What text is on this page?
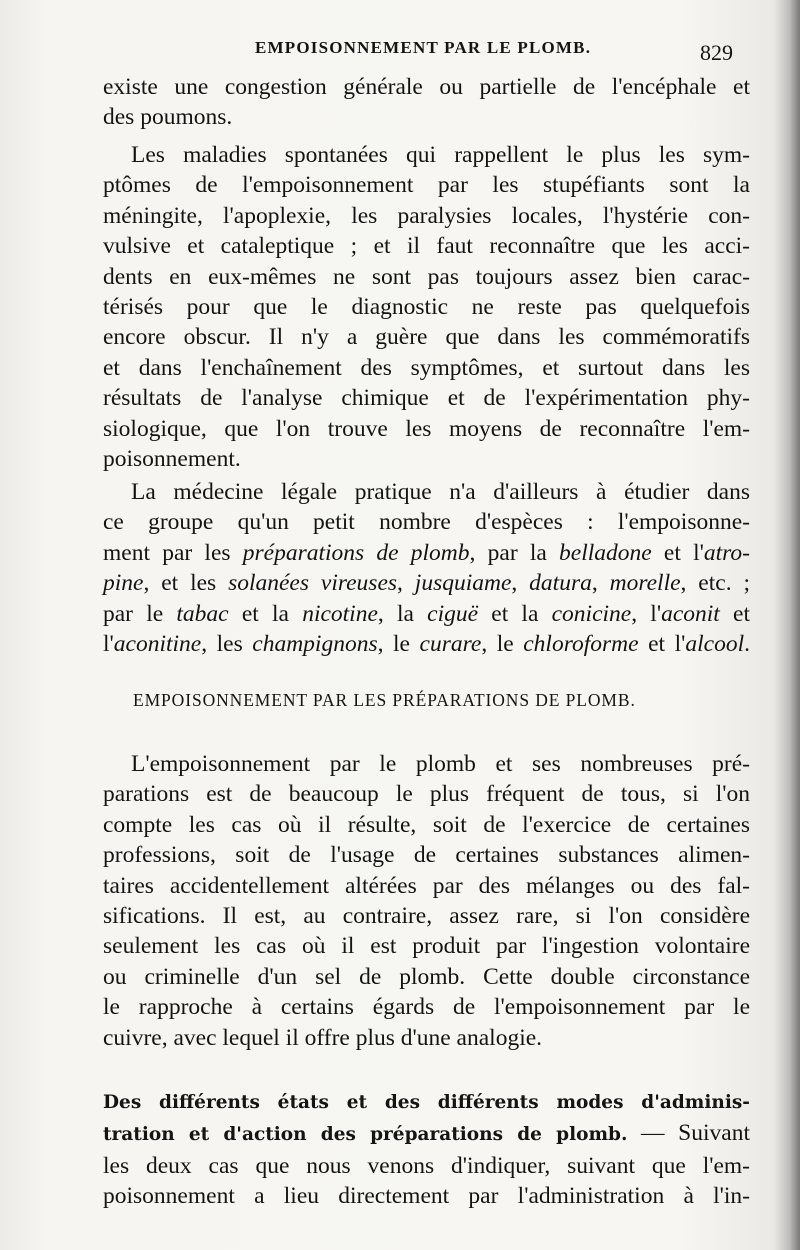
EMPOISONNEMENT PAR LE PLOMB.	829
existe une congestion générale ou partielle de l'encéphale et
des poumons.
Les maladies spontanées qui rappellent le plus les sym-
ptômes de l'empoisonnement par les stupéfiants sont la
méningite, l'apoplexie, les paralysies locales, l'hystérie con-
vulsive et cataleptique ; et il faut reconnaître que les acci-
dents en eux-mêmes ne sont pas toujours assez bien carac-
térisés pour que le diagnostic ne reste pas quelquefois
encore obscur. Il n'y a guère que dans les commémoratifs
et dans l'enchaînement des symptômes, et surtout dans les
résultats de l'analyse chimique et de l'expérimentation phy-
siologique, que l'on trouve les moyens de reconnaître l'em-
poisonnement.
La médecine légale pratique n'a d'ailleurs à étudier dans
ce groupe qu'un petit nombre d'espèces : l'empoisonne-
ment par les préparations de plomb, par la belladone et l'atro-
pine, et les solanées vireuses, jusquiame, datura, morelle, etc. ;
par le tabac et la nicotine, la ciguë et la conicine, l'aconit et
l'aconitine, les champignons, le curare, le chloroforme et l'alcool.
EMPOISONNEMENT PAR LES PRÉPARATIONS DE PLOMB.
L'empoisonnement par le plomb et ses nombreuses pré-
parations est de beaucoup le plus fréquent de tous, si l'on
compte les cas où il résulte, soit de l'exercice de certaines
professions, soit de l'usage de certaines substances alimen-
taires accidentellement altérées par des mélanges ou des fal-
sifications. Il est, au contraire, assez rare, si l'on considère
seulement les cas où il est produit par l'ingestion volontaire
ou criminelle d'un sel de plomb. Cette double circonstance
le rapproche à certains égards de l'empoisonnement par le
cuivre, avec lequel il offre plus d'une analogie.
Des différents états et des différents modes d'adminis-
tration et d'action des préparations de plomb. — Suivant
les deux cas que nous venons d'indiquer, suivant que l'em-
poisonnement a lieu directement par l'administration à l'in-
